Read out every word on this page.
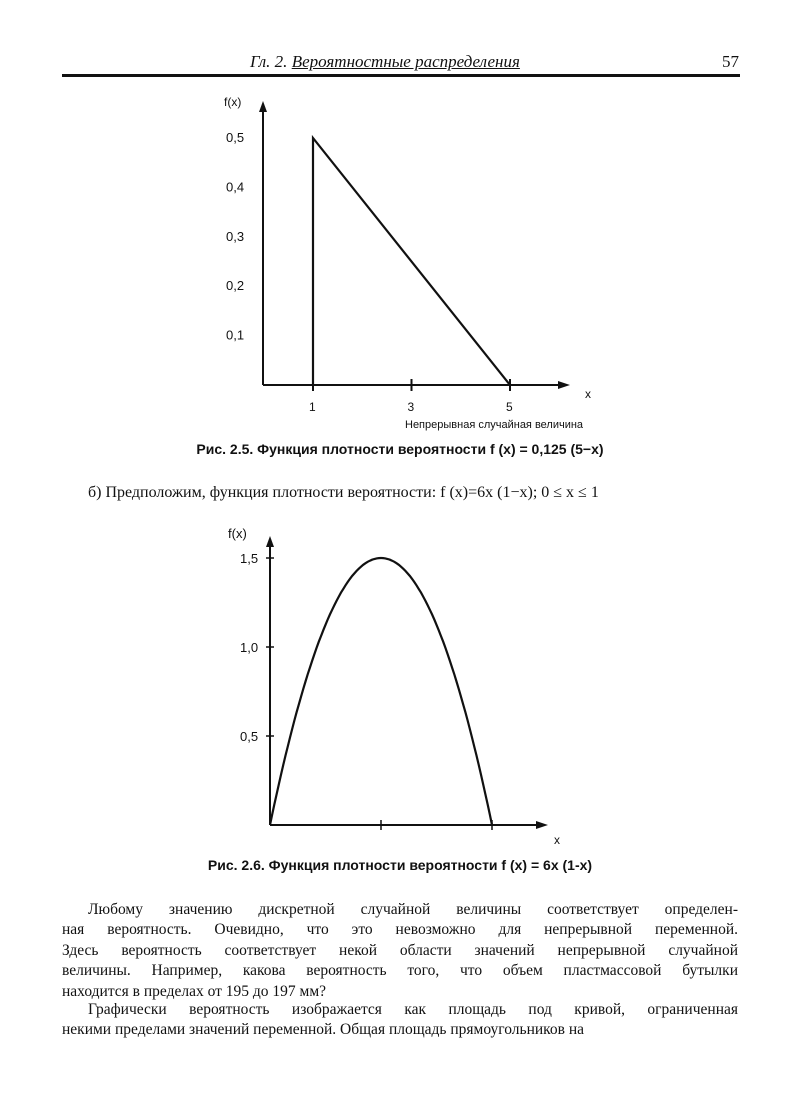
Гл. 2. Вероятностные распределения	57
f(x)
x
0,1
0,2
0,3
0,4
0,5
1	3	5
Непрерывная случайная величина
Рис. 2.5. Функция плотности вероятности f (x) = 0,125 (5−x)
б) Предположим, функция плотности вероятности: f (x)=6x (1−x); 0 ≤ x ≤ 1
f(x)
x
0,5
1,0
1,5
Рис. 2.6. Функция плотности вероятности f (x) = 6x (1-x)
Любому значению дискретной случайной величины соответствует определен-
ная вероятность. Очевидно, что это невозможно для непрерывной переменной.
Здесь вероятность соответствует некой области значений непрерывной случайной
величины. Например, какова вероятность того, что объем пластмассовой бутылки
находится в пределах от 195 до 197 мм?
Графически вероятность изображается как площадь под кривой, ограниченная
некими пределами значений переменной. Общая площадь прямоугольников на
